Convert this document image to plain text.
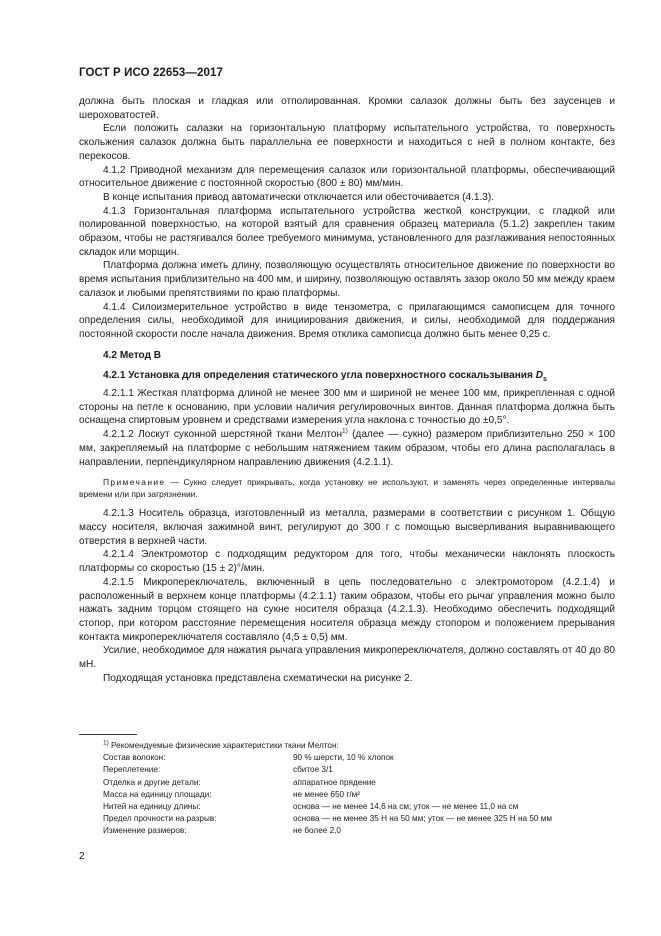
ГОСТ Р ИСО 22653—2017

должна быть плоская и гладкая или отполированная. Кромки салазок должны быть без заусенцев и шероховатостей.

Если положить салазки на горизонтальную платформу испытательного устройства, то поверхность скольжения салазок должна быть параллельна ее поверхности и находиться с ней в полном контакте, без перекосов.

4.1.2 Приводной механизм для перемещения салазок или горизонтальной платформы, обеспечивающий относительное движение с постоянной скоростью (800 ± 80) мм/мин.

В конце испытания привод автоматически отключается или обесточивается (4.1.3).

4.1.3 Горизонтальная платформа испытательного устройства жесткой конструкции, с гладкой или полированной поверхностью, на которой взятый для сравнения образец материала (5.1.2) закреплен таким образом, чтобы не растягивался более требуемого минимума, установленного для разглаживания непостоянных складок или морщин.

Платформа должна иметь длину, позволяющую осуществлять относительное движение по поверхности во время испытания приблизительно на 400 мм, и ширину, позволяющую оставлять зазор около 50 мм между краем салазок и любыми препятствиями по краю платформы.

4.1.4 Силоизмерительное устройство в виде тензометра, с прилагающимся самописцем для точного определения силы, необходимой для инициирования движения, и силы, необходимой для поддержания постоянной скорости после начала движения. Время отклика самописца должно быть менее 0,25 с.

4.2 Метод В

4.2.1 Установка для определения статического угла поверхностного соскальзывания $D_s$

4.2.1.1 Жесткая платформа длиной не менее 300 мм и шириной не менее 100 мм, прикрепленная с одной стороны на петле к основанию, при условии наличия регулировочных винтов. Данная платформа должна быть оснащена спиртовым уровнем и средствами измерения угла наклона с точностью до ±0,5°.

4.2.1.2 Лоскут суконной шерстяной ткани Мелтон$^{1)}$ (далее — сукно) размером приблизительно 250 × 100 мм, закрепляемый на платформе с небольшим натяжением таким образом, чтобы его длина располагалась в направлении, перпендикулярном направлению движения (4.2.1.1).

Примечание — Сукно следует прикрывать, когда установку не используют, и заменять через определенные интервалы времени или при загрязнении.

4.2.1.3 Носитель образца, изготовленный из металла, размерами в соответствии с рисунком 1. Общую массу носителя, включая зажимной винт, регулируют до 300 г с помощью высверливания выравнивающего отверстия в верхней части.

4.2.1.4 Электромотор с подходящим редуктором для того, чтобы механически наклонять плоскость платформы со скоростью (15 ± 2)°/мин.

4.2.1.5 Микропереключатель, включенный в цепь последовательно с электромотором (4.2.1.4) и расположенный в верхнем конце платформы (4.2.1.1) таким образом, чтобы его рычаг управления можно было нажать задним торцом стоящего на сукне носителя образца (4.2.1.3). Необходимо обеспечить подходящий стопор, при котором расстояние перемещения носителя образца между стопором и положением прерывания контакта микропереключателя составляло (4,5 ± 0,5) мм.

Усилие, необходимое для нажатия рычага управления микропереключателя, должно составлять от 40 до 80 мН.

Подходящая установка представлена схематически на рисунке 2.

$^{1)}$ Рекомендуемые физические характеристики ткани Мелтон:
Состав волокон:	90 % шерсти, 10 % хлопок
Переплетение:	сбитое 3/1
Отделка и другие детали:	аппаратное прядение
Масса на единицу площади:	не менее 650 г/м²
Нитей на единицу длины:	основа — не менее 14,6 на см; уток — не менее 11,0 на см
Предел прочности на разрыв:	основа — не менее 35 Н на 50 мм; уток — не менее 325 Н на 50 мм
Изменение размеров:	не более 2,0
2
